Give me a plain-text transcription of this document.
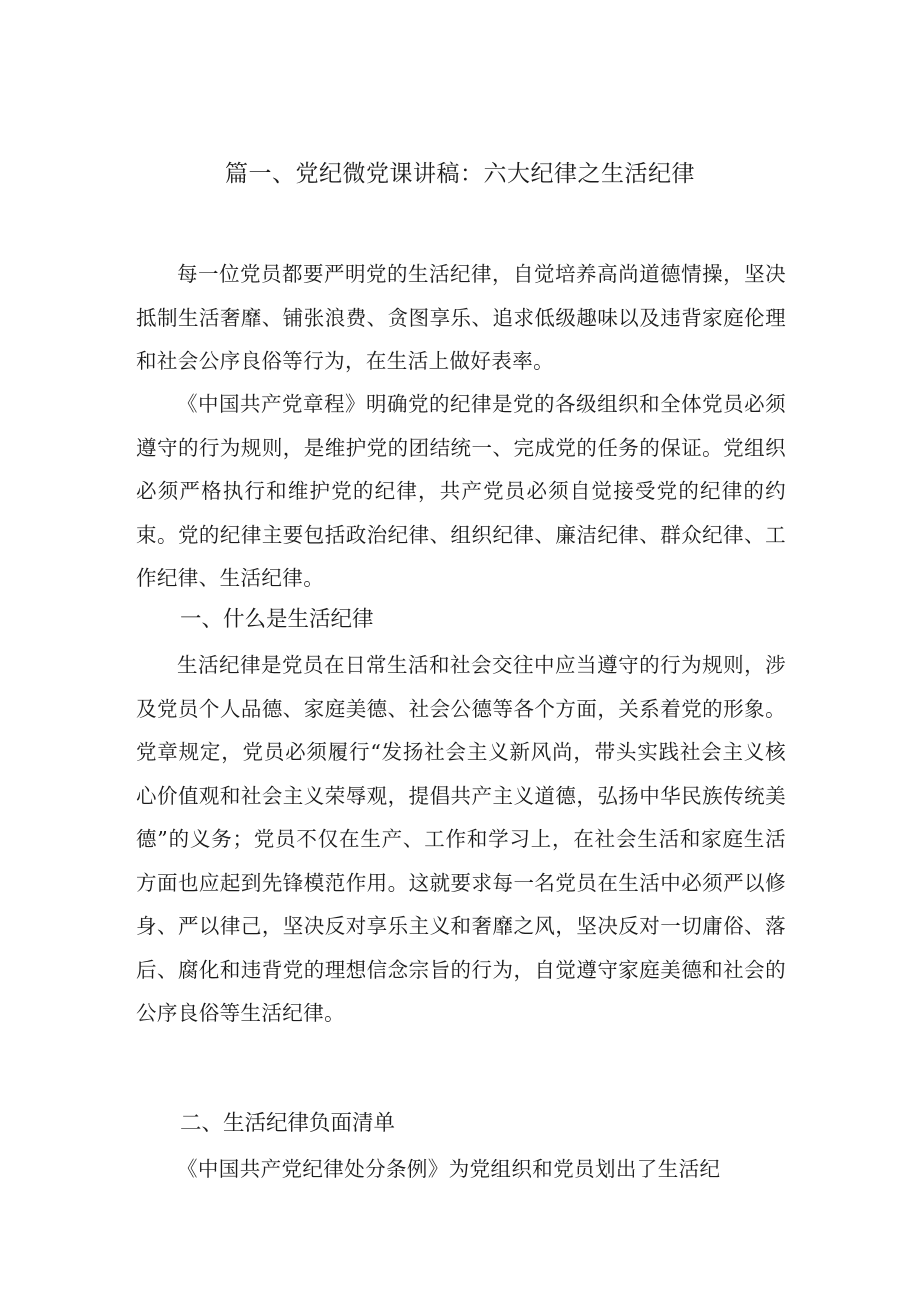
篇一、党纪微党课讲稿：六大纪律之生活纪律

每一位党员都要严明党的生活纪律，自觉培养高尚道德情操，坚决抵制生活奢靡、铺张浪费、贪图享乐、追求低级趣味以及违背家庭伦理和社会公序良俗等行为，在生活上做好表率。

《中国共产党章程》明确党的纪律是党的各级组织和全体党员必须遵守的行为规则，是维护党的团结统一、完成党的任务的保证。党组织必须严格执行和维护党的纪律，共产党员必须自觉接受党的纪律的约束。党的纪律主要包括政治纪律、组织纪律、廉洁纪律、群众纪律、工作纪律、生活纪律。

一、什么是生活纪律

生活纪律是党员在日常生活和社会交往中应当遵守的行为规则，涉及党员个人品德、家庭美德、社会公德等各个方面，关系着党的形象。党章规定，党员必须履行“发扬社会主义新风尚，带头实践社会主义核心价值观和社会主义荣辱观，提倡共产主义道德，弘扬中华民族传统美德”的义务；党员不仅在生产、工作和学习上，在社会生活和家庭生活方面也应起到先锋模范作用。这就要求每一名党员在生活中必须严以修身、严以律己，坚决反对享乐主义和奢靡之风，坚决反对一切庸俗、落后、腐化和违背党的理想信念宗旨的行为，自觉遵守家庭美德和社会的公序良俗等生活纪律。

二、生活纪律负面清单

《中国共产党纪律处分条例》为党组织和党员划出了生活纪
